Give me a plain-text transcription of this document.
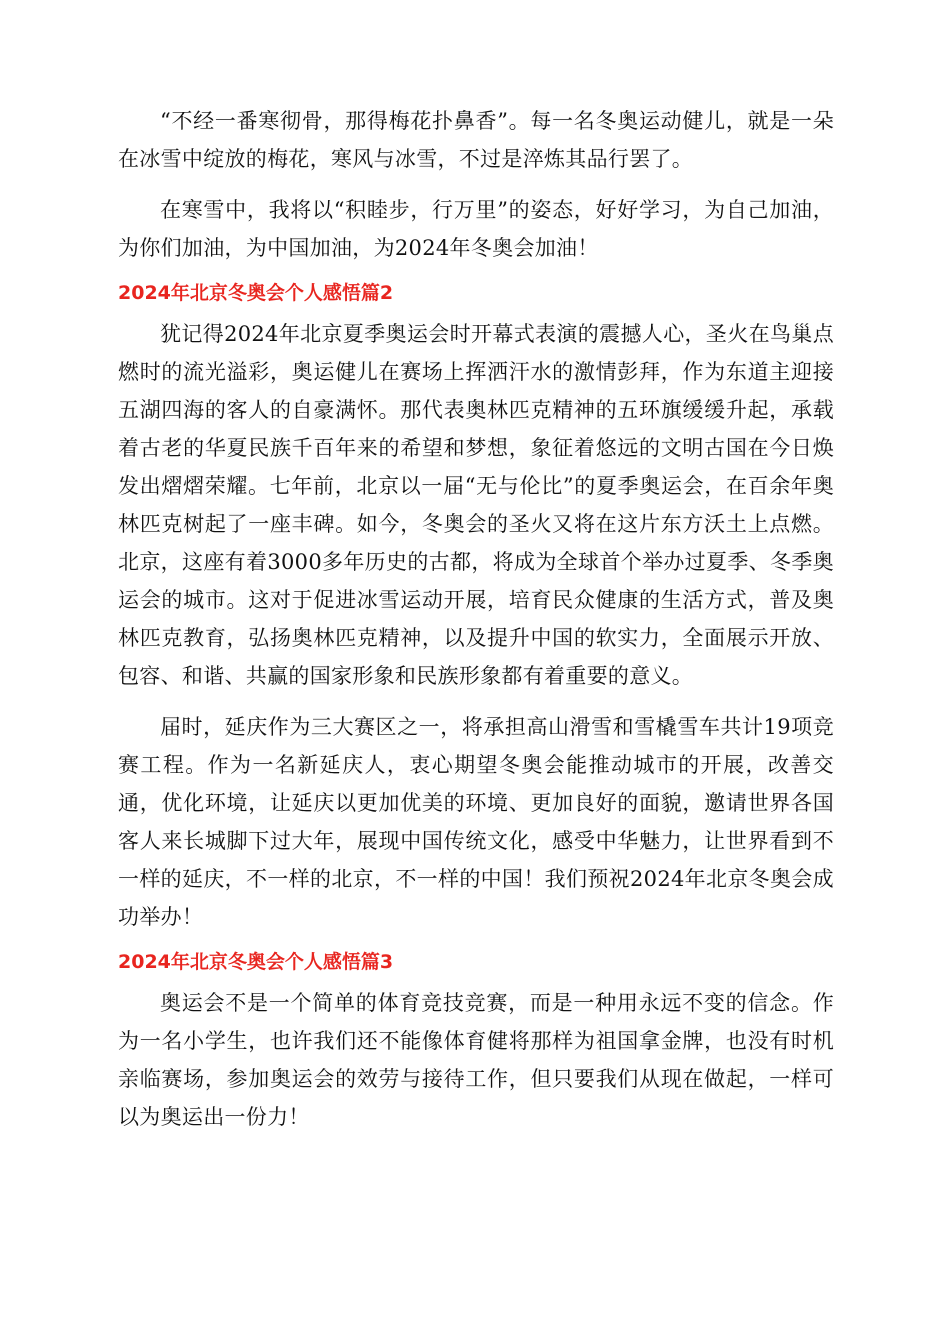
“不经一番寒彻骨，那得梅花扑鼻香”。每一名冬奥运动健儿，就是一朵在冰雪中绽放的梅花，寒风与冰雪，不过是淬炼其品行罢了。

在寒雪中，我将以“积睦步，行万里”的姿态，好好学习，为自己加油，为你们加油，为中国加油，为2024年冬奥会加油！

2024年北京冬奥会个人感悟篇2

犹记得2024年北京夏季奥运会时开幕式表演的震撼人心，圣火在鸟巢点燃时的流光溢彩，奥运健儿在赛场上挥洒汗水的激情彭拜，作为东道主迎接五湖四海的客人的自豪满怀。那代表奥林匹克精神的五环旗缓缓升起，承载着古老的华夏民族千百年来的希望和梦想，象征着悠远的文明古国在今日焕发出熠熠荣耀。七年前，北京以一届“无与伦比”的夏季奥运会，在百余年奥林匹克树起了一座丰碑。如今，冬奥会的圣火又将在这片东方沃土上点燃。北京，这座有着3000多年历史的古都，将成为全球首个举办过夏季、冬季奥运会的城市。这对于促进冰雪运动开展，培育民众健康的生活方式，普及奥林匹克教育，弘扬奥林匹克精神，以及提升中国的软实力，全面展示开放、包容、和谐、共赢的国家形象和民族形象都有着重要的意义。

届时，延庆作为三大赛区之一，将承担高山滑雪和雪橇雪车共计19项竞赛工程。作为一名新延庆人，衷心期望冬奥会能推动城市的开展，改善交通，优化环境，让延庆以更加优美的环境、更加良好的面貌，邀请世界各国客人来长城脚下过大年，展现中国传统文化，感受中华魅力，让世界看到不一样的延庆，不一样的北京，不一样的中国！我们预祝2024年北京冬奥会成功举办！

2024年北京冬奥会个人感悟篇3

奥运会不是一个简单的体育竞技竞赛，而是一种用永远不变的信念。作为一名小学生，也许我们还不能像体育健将那样为祖国拿金牌，也没有时机亲临赛场，参加奥运会的效劳与接待工作，但只要我们从现在做起，一样可以为奥运出一份力！
